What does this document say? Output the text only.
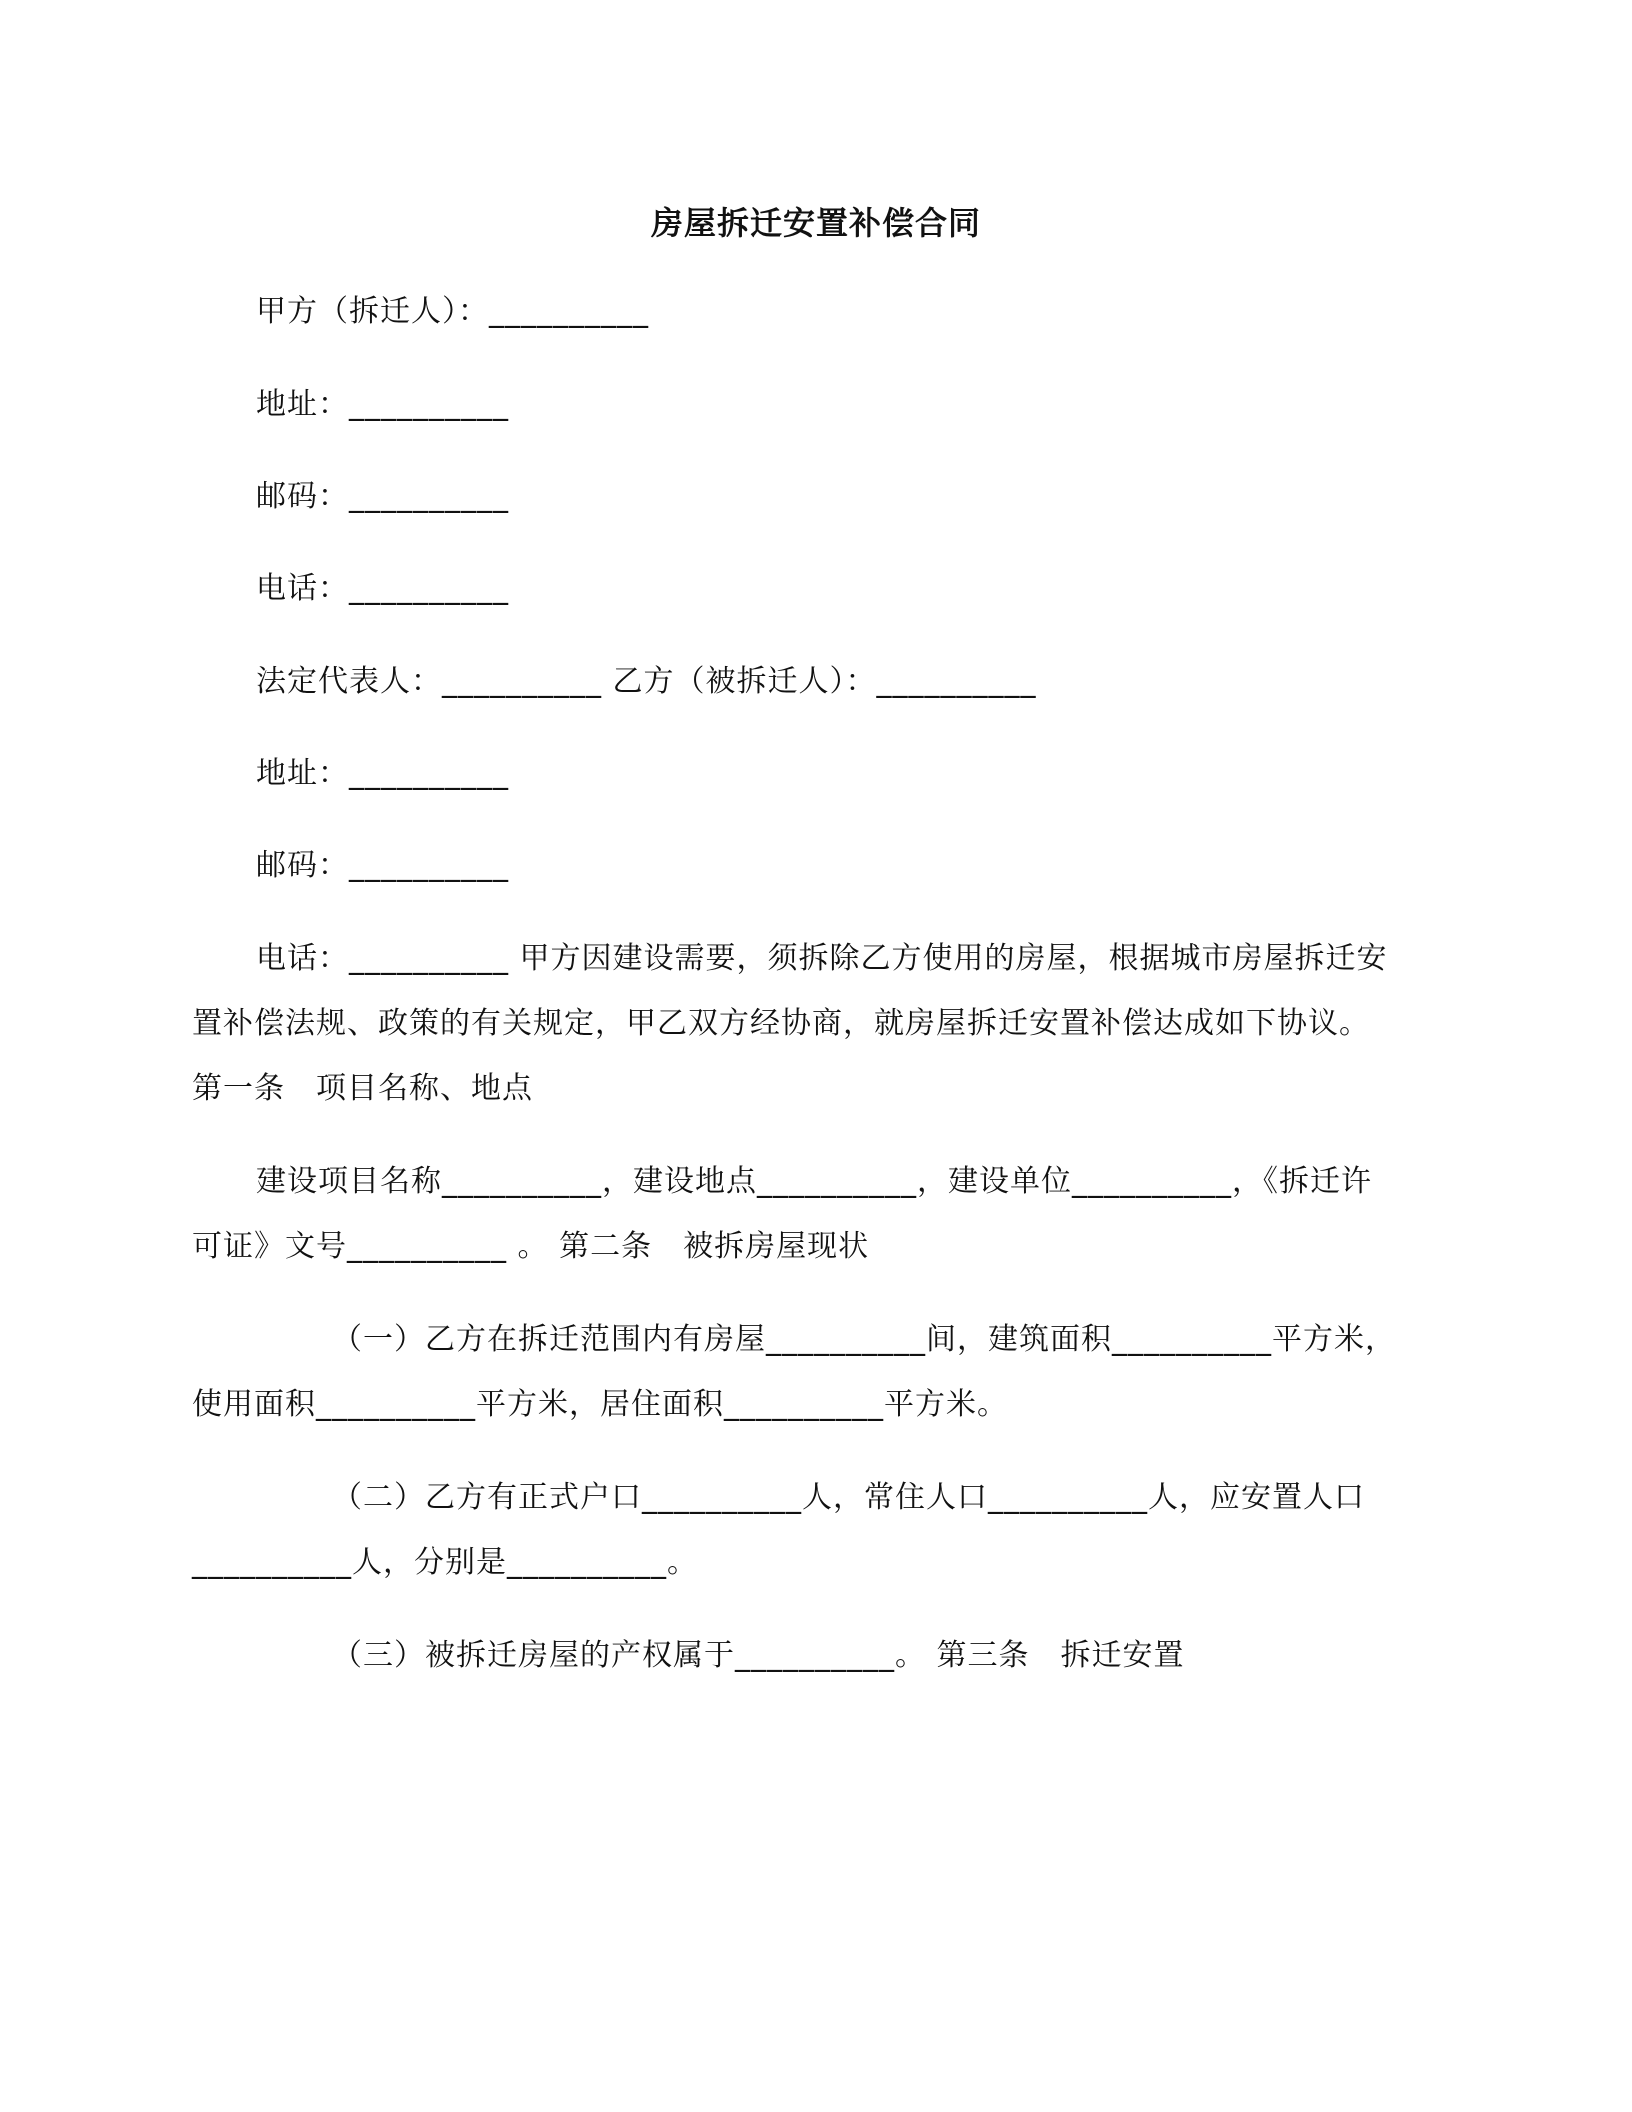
房屋拆迁安置补偿合同
甲方（拆迁人）：__________
地址：__________
邮码：__________
电话：__________
法定代表人：__________ 乙方（被拆迁人）：__________
地址：__________
邮码：__________
电话：__________ 甲方因建设需要，须拆除乙方使用的房屋，根据城市房屋拆迁安
置补偿法规、政策的有关规定，甲乙双方经协商，就房屋拆迁安置补偿达成如下协议。
第一条　项目名称、地点
建设项目名称__________，建设地点__________，建设单位__________，《拆迁许
可证》文号__________ 。 第二条　被拆房屋现状
（一）乙方在拆迁范围内有房屋__________间，建筑面积__________平方米，
使用面积__________平方米，居住面积__________平方米。
（二）乙方有正式户口__________人，常住人口__________人，应安置人口
__________人，分别是__________。
（三）被拆迁房屋的产权属于__________。 第三条　拆迁安置
